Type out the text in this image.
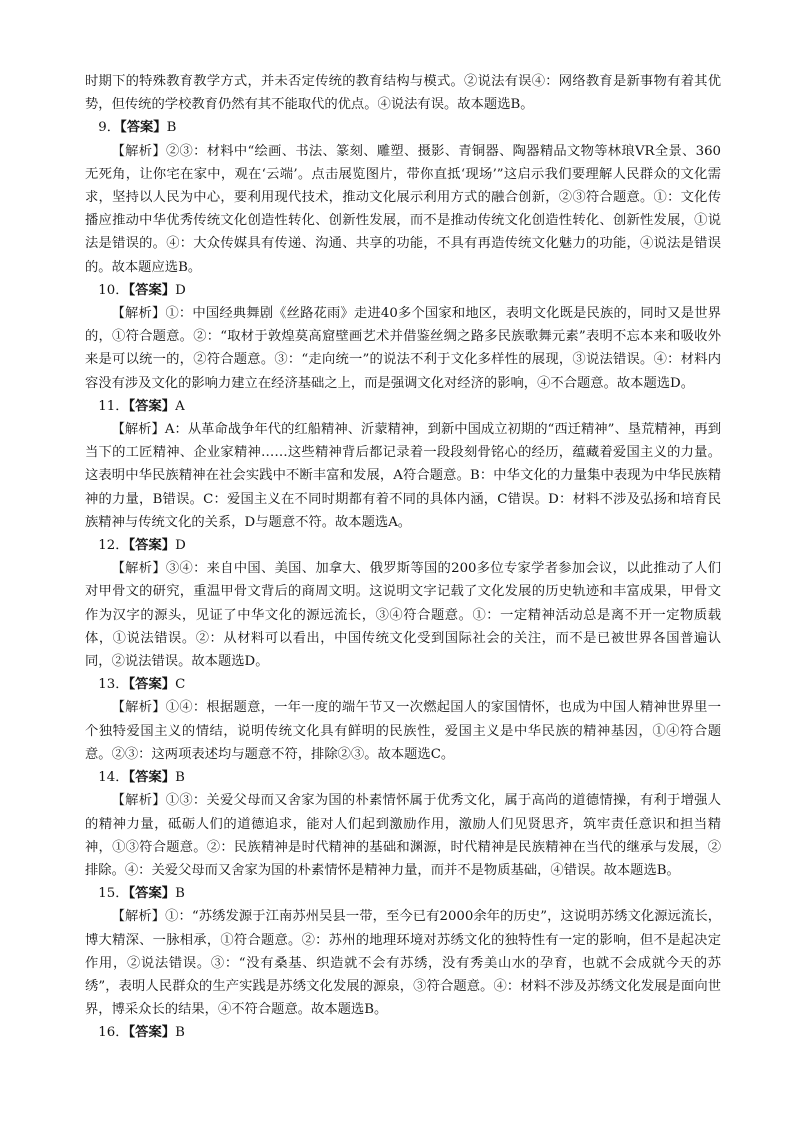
时期下的特殊教育教学方式，并未否定传统的教育结构与模式。②说法有误④：网络教育是新事物有着其优势，但传统的学校教育仍然有其不能取代的优点。④说法有误。故本题选B。

9．【答案】B

【解析】②③：材料中“绘画、书法、篆刻、雕塑、摄影、青铜器、陶器精品文物等林琅VR全景、360无死角，让你宅在家中，观在‘云端’。点击展览图片，带你直抵‘现场’”这启示我们要理解人民群众的文化需求，坚持以人民为中心，要利用现代技术，推动文化展示利用方式的融合创新，②③符合题意。①：文化传播应推动中华优秀传统文化创造性转化、创新性发展，而不是推动传统文化创造性转化、创新性发展，①说法是错误的。④：大众传媒具有传递、沟通、共享的功能，不具有再造传统文化魅力的功能，④说法是错误的。故本题应选B。

10．【答案】D

【解析】①：中国经典舞剧《丝路花雨》走进40多个国家和地区，表明文化既是民族的，同时又是世界的，①符合题意。②：“取材于敦煌莫高窟壁画艺术并借鉴丝绸之路多民族歌舞元素”表明不忘本来和吸收外来是可以统一的，②符合题意。③：“走向统一”的说法不利于文化多样性的展现，③说法错误。④：材料内容没有涉及文化的影响力建立在经济基础之上，而是强调文化对经济的影响，④不合题意。故本题选D。

11．【答案】A

【解析】A：从革命战争年代的红船精神、沂蒙精神，到新中国成立初期的“西迁精神”、垦荒精神，再到当下的工匠精神、企业家精神……这些精神背后都记录着一段段刻骨铭心的经历，蕴藏着爱国主义的力量。这表明中华民族精神在社会实践中不断丰富和发展，A符合题意。B：中华文化的力量集中表现为中华民族精神的力量，B错误。C：爱国主义在不同时期都有着不同的具体内涵，C错误。D：材料不涉及弘扬和培育民族精神与传统文化的关系，D与题意不符。故本题选A。

12．【答案】D

【解析】③④：来自中国、美国、加拿大、俄罗斯等国的200多位专家学者参加会议，以此推动了人们对甲骨文的研究，重温甲骨文背后的商周文明。这说明文字记载了文化发展的历史轨迹和丰富成果，甲骨文作为汉字的源头，见证了中华文化的源远流长，③④符合题意。①：一定精神活动总是离不开一定物质载体，①说法错误。②：从材料可以看出，中国传统文化受到国际社会的关注，而不是已被世界各国普遍认同，②说法错误。故本题选D。

13．【答案】C

【解析】①④：根据题意，一年一度的端午节又一次燃起国人的家国情怀，也成为中国人精神世界里一个独特爱国主义的情结，说明传统文化具有鲜明的民族性，爱国主义是中华民族的精神基因，①④符合题意。②③：这两项表述均与题意不符，排除②③。故本题选C。

14．【答案】B

【解析】①③：关爱父母而又舍家为国的朴素情怀属于优秀文化，属于高尚的道德情操，有利于增强人的精神力量，砥砺人们的道德追求，能对人们起到激励作用，激励人们见贤思齐，筑牢责任意识和担当精神，①③符合题意。②：民族精神是时代精神的基础和渊源，时代精神是民族精神在当代的继承与发展，②排除。④：关爱父母而又舍家为国的朴素情怀是精神力量，而并不是物质基础，④错误。故本题选B。

15．【答案】B

【解析】①：“苏绣发源于江南苏州吴县一带，至今已有2000余年的历史”，这说明苏绣文化源远流长，博大精深、一脉相承，①符合题意。②：苏州的地理环境对苏绣文化的独特性有一定的影响，但不是起决定作用，②说法错误。③：“没有桑基、织造就不会有苏绣，没有秀美山水的孕育，也就不会成就今天的苏绣”，表明人民群众的生产实践是苏绣文化发展的源泉，③符合题意。④：材料不涉及苏绣文化发展是面向世界，博采众长的结果，④不符合题意。故本题选B。

16．【答案】B
